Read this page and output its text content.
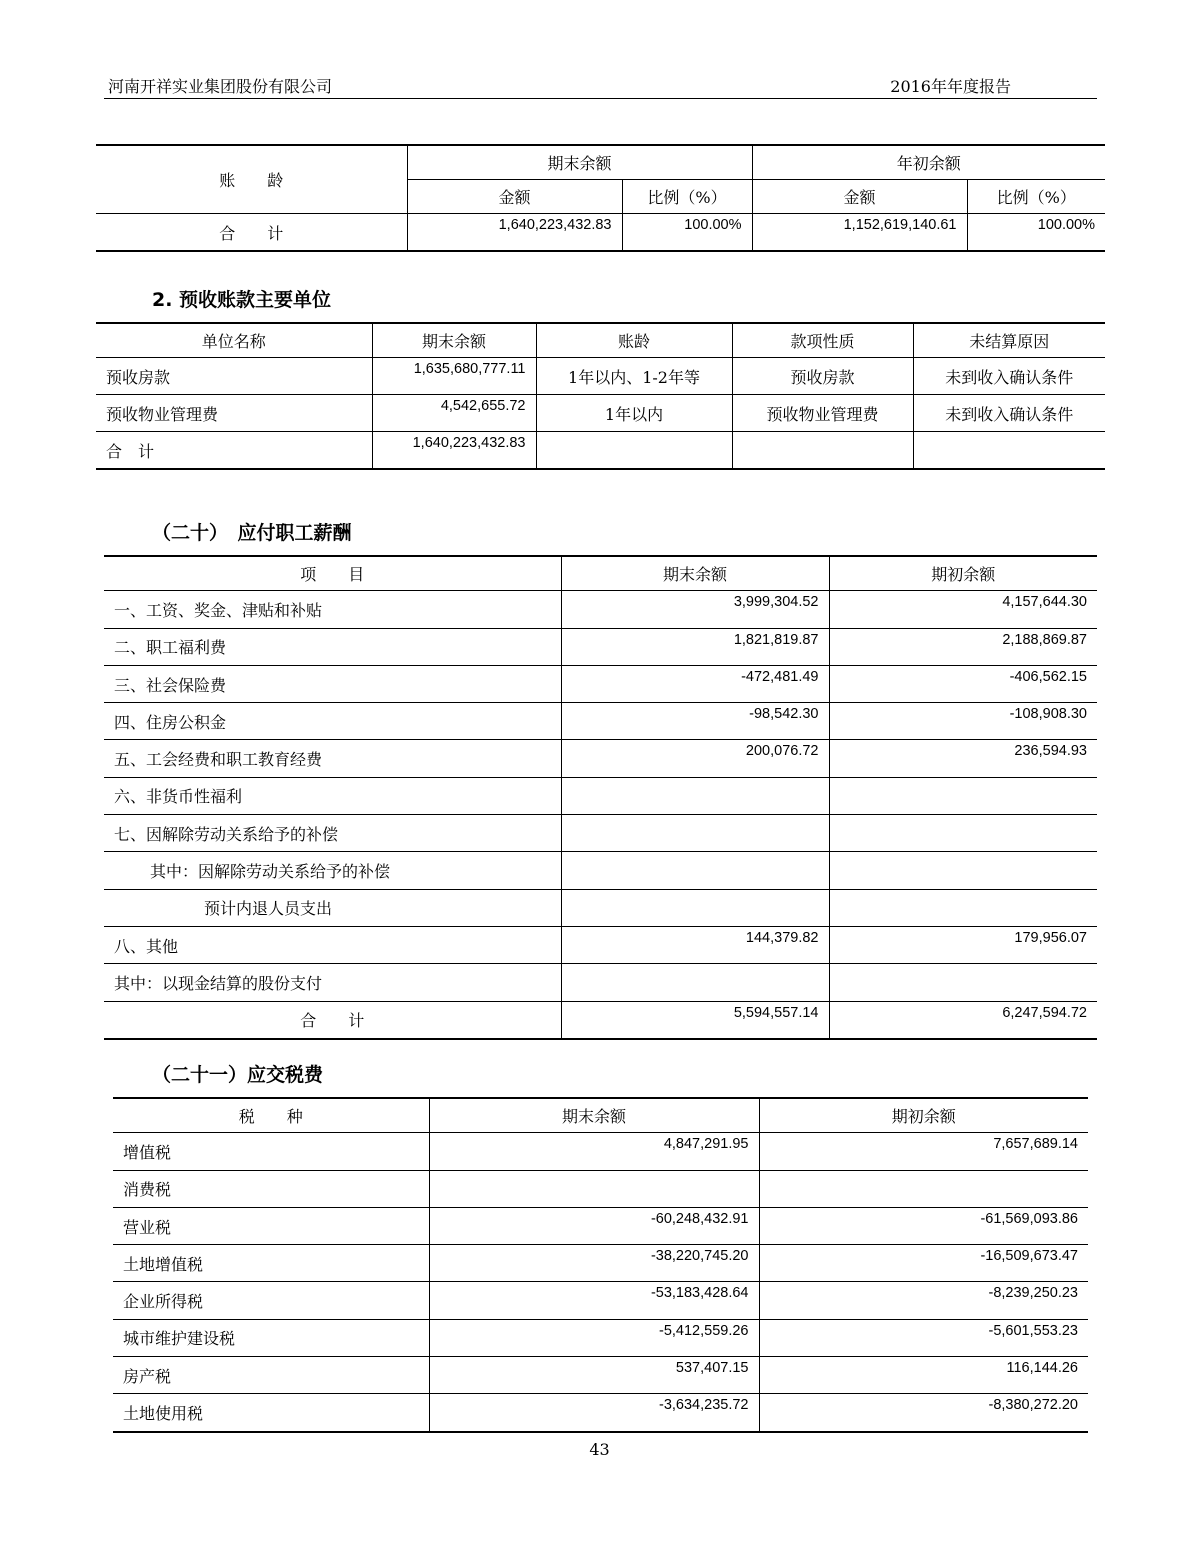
河南开祥实业集团股份有限公司	2016年年度报告
账　　龄	期末余额		年初余额	
	金额	比例（%）	金额	比例（%）
合　　计	1,640,223,432.83	100.00%	1,152,619,140.61	100.00%
2. 预收账款主要单位
单位名称	期末余额	账龄	款项性质	未结算原因
预收房款	1,635,680,777.11	1年以内、1-2年等	预收房款	未到收入确认条件
预收物业管理费	4,542,655.72	1年以内	预收物业管理费	未到收入确认条件
合　计	1,640,223,432.83			
（二十）　应付职工薪酬
项　　目	期末余额	期初余额
一、工资、奖金、津贴和补贴	3,999,304.52	4,157,644.30
二、职工福利费	1,821,819.87	2,188,869.87
三、社会保险费	-472,481.49	-406,562.15
四、住房公积金	-98,542.30	-108,908.30
五、工会经费和职工教育经费	200,076.72	236,594.93
六、非货币性福利		
七、因解除劳动关系给予的补偿		
其中：因解除劳动关系给予的补偿		
预计内退人员支出		
八、其他	144,379.82	179,956.07
其中：以现金结算的股份支付		
合　　计	5,594,557.14	6,247,594.72
（二十一）应交税费
税　　种	期末余额	期初余额
增值税	4,847,291.95	7,657,689.14
消费税		
营业税	-60,248,432.91	-61,569,093.86
土地增值税	-38,220,745.20	-16,509,673.47
企业所得税	-53,183,428.64	-8,239,250.23
城市维护建设税	-5,412,559.26	-5,601,553.23
房产税	537,407.15	116,144.26
土地使用税	-3,634,235.72	-8,380,272.20
43
